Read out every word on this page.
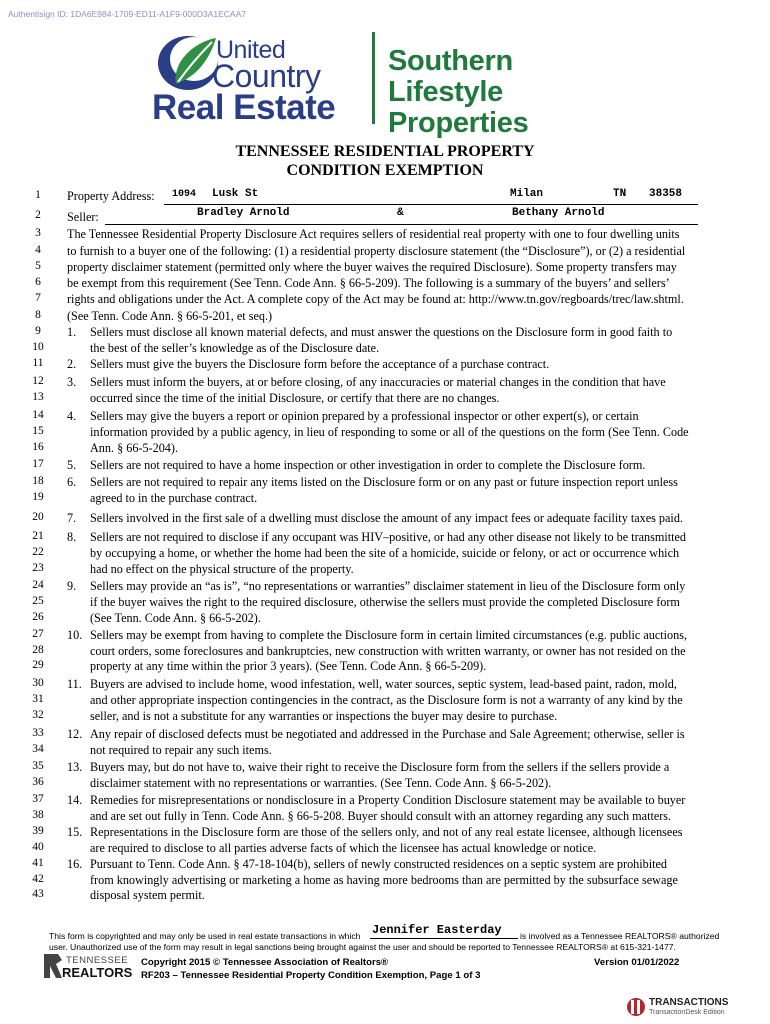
Authentisign ID: 1DA6E984-1709-ED11-A1F9-000D3A1ECAA7
United
Country
Real Estate
Southern Lifestyle
Properties
TENNESSEE RESIDENTIAL PROPERTY
CONDITION EXEMPTION
1
2
3
4
5
6
7
8
9
10
11
12
13
14
15
16
17
18
19
20
21
22
23
24
25
26
27
28
29
30
31
32
33
34
35
36
37
38
39
40
41
42
43
Property Address: 1094 Lusk St	Milan	TN 38358
Seller:	Bradley Arnold	&	Bethany Arnold
The Tennessee Residential Property Disclosure Act requires sellers of residential real property with one to four dwelling units
to furnish to a buyer one of the following: (1) a residential property disclosure statement (the “Disclosure”), or (2) a residential
property disclaimer statement (permitted only where the buyer waives the required Disclosure). Some property transfers may
be exempt from this requirement (See Tenn. Code Ann. § 66-5-209). The following is a summary of the buyers’ and sellers’
rights and obligations under the Act. A complete copy of the Act may be found at: http://www.tn.gov/regboards/trec/law.shtml.
(See Tenn. Code Ann. § 66-5-201, et seq.)
1. Sellers must disclose all known material defects, and must answer the questions on the Disclosure form in good faith to
the best of the seller’s knowledge as of the Disclosure date.
2. Sellers must give the buyers the Disclosure form before the acceptance of a purchase contract.
3. Sellers must inform the buyers, at or before closing, of any inaccuracies or material changes in the condition that have
occurred since the time of the initial Disclosure, or certify that there are no changes.
4. Sellers may give the buyers a report or opinion prepared by a professional inspector or other expert(s), or certain
information provided by a public agency, in lieu of responding to some or all of the questions on the form (See Tenn. Code
Ann. § 66-5-204).
5. Sellers are not required to have a home inspection or other investigation in order to complete the Disclosure form.
6. Sellers are not required to repair any items listed on the Disclosure form or on any past or future inspection report unless
agreed to in the purchase contract.
7. Sellers involved in the first sale of a dwelling must disclose the amount of any impact fees or adequate facility taxes paid.
8. Sellers are not required to disclose if any occupant was HIV–positive, or had any other disease not likely to be transmitted
by occupying a home, or whether the home had been the site of a homicide, suicide or felony, or act or occurrence which
had no effect on the physical structure of the property.
9. Sellers may provide an “as is”, “no representations or warranties” disclaimer statement in lieu of the Disclosure form only
if the buyer waives the right to the required disclosure, otherwise the sellers must provide the completed Disclosure form
(See Tenn. Code Ann. § 66-5-202).
10. Sellers may be exempt from having to complete the Disclosure form in certain limited circumstances (e.g. public auctions,
court orders, some foreclosures and bankruptcies, new construction with written warranty, or owner has not resided on the
property at any time within the prior 3 years). (See Tenn. Code Ann. § 66-5-209).
11. Buyers are advised to include home, wood infestation, well, water sources, septic system, lead-based paint, radon, mold,
and other appropriate inspection contingencies in the contract, as the Disclosure form is not a warranty of any kind by the
seller, and is not a substitute for any warranties or inspections the buyer may desire to purchase.
12. Any repair of disclosed defects must be negotiated and addressed in the Purchase and Sale Agreement; otherwise, seller is
not required to repair any such items.
13. Buyers may, but do not have to, waive their right to receive the Disclosure form from the sellers if the sellers provide a
disclaimer statement with no representations or warranties. (See Tenn. Code Ann. § 66-5-202).
14. Remedies for misrepresentations or nondisclosure in a Property Condition Disclosure statement may be available to buyer
and are set out fully in Tenn. Code Ann. § 66-5-208. Buyer should consult with an attorney regarding any such matters.
15. Representations in the Disclosure form are those of the sellers only, and not of any real estate licensee, although licensees
are required to disclose to all parties adverse facts of which the licensee has actual knowledge or notice.
16. Pursuant to Tenn. Code Ann. § 47-18-104(b), sellers of newly constructed residences on a septic system are prohibited
from knowingly advertising or marketing a home as having more bedrooms than are permitted by the subsurface sewage
disposal system permit.
This form is copyrighted and may only be used in real estate transactions in which Jennifer Easterday is involved as a Tennessee REALTORS® authorized
user. Unauthorized use of the form may result in legal sanctions being brought against the user and should be reported to Tennessee REALTORS® at 615-321-1477.
TENNESSEE
REALTORS
Copyright 2015 © Tennessee Association of Realtors®
RF203 – Tennessee Residential Property Condition Exemption, Page 1 of 3
Version 01/01/2022
TRANSACTIONS
TransactionDesk Edition
